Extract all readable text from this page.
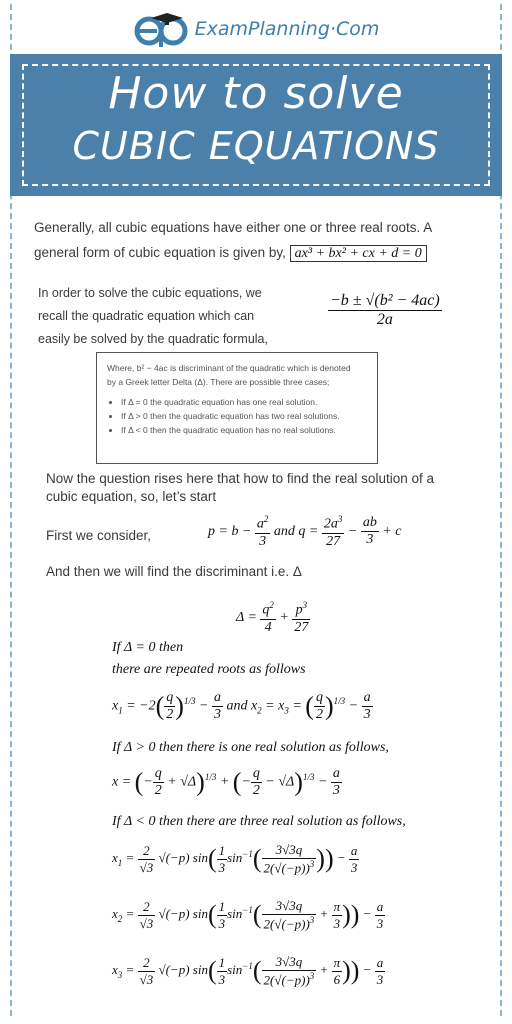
ExamPlanning·Com
How to solve
CUBIC EQUATIONS
Generally, all cubic equations have either one or three real roots. A
general form of cubic equation is given by, ax³ + bx² + cx + d = 0
In order to solve the cubic equations, we
recall the quadratic equation which can
easily be solved by the quadratic formula,
$\frac{\text{−b ± √(b² − 4ac)}}{2a}$
Where, b² − 4ac is discriminant of the quadratic which is denoted
by a Greek letter Delta (Δ). There are possible three cases;
• If Δ = 0 the quadratic equation has one real solution.
• If Δ > 0 then the quadratic equation has two real solutions.
• If Δ < 0 then the quadratic equation has no real solutions.
Now the question rises here that how to find the real solution of a
cubic equation, so, let’s start
First we consider,	$p = b - \frac{a^2}{3}$ and $q = \frac{2a^3}{27} - \frac{ab}{3} + c$
And then we will find the discriminant i.e. Δ
$\Delta = \frac{q^2}{4} + \frac{p^3}{27}$
If Δ = 0 then
there are repeated roots as follows
$x_1 = -2( \frac{q}{2} )^{1/3} - \frac{a}{3}$ and $x_2 = x_3$ = ( $\frac{q}{2} )^{1/3} - \frac{a}{3}$
If Δ > 0 then there is one real solution as follows,
x = (− $\frac{q}{2} + √\Delta)^{1/3}$ + (− $\frac{q}{2} - √\Delta)^{1/3} - \frac{a}{3}$
If Δ < 0 then there are three real solution as follows,
$x_1 = \frac{2}{√3} √(-p)$ $\sin( \frac{1}{3} \sin^{-1}( \frac{3√3q}{2(√(-p))^3}$ )) − $\frac{a}{3}$
$x_2 = \frac{2}{√3} √(-p)$ $\sin( \frac{1}{3} \sin^{-1}( \frac{3√3q}{2(√(-p))^3} + \frac{\pi}{3}$ )) − $\frac{a}{3}$
$x_3 = \frac{2}{√3} √(-p)$ $\sin( \frac{1}{3} \sin^{-1}( \frac{3√3q}{2(√(-p))^3} + \frac{\pi}{6}$ )) − $\frac{a}{3}$
